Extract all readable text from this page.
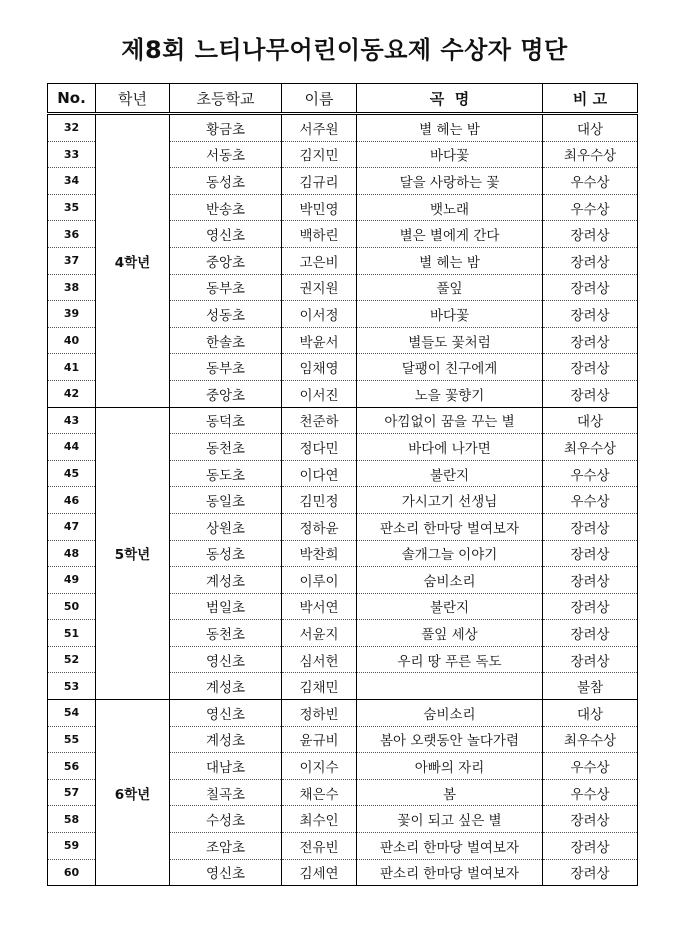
제8회 느티나무어린이동요제 수상자 명단
No.	학년	초등학교	이름	곡  명	비 고
32	4학년	황금초	서주원	별 헤는 밤	대상
33		서동초	김지민	바다꽃	최우수상
34		동성초	김규리	달을 사랑하는 꽃	우수상
35		반송초	박민영	뱃노래	우수상
36		영신초	백하린	별은 별에게 간다	장려상
37		중앙초	고은비	별 헤는 밤	장려상
38		동부초	권지원	풀잎	장려상
39		성동초	이서정	바다꽃	장려상
40		한솔초	박윤서	별들도 꽃처럼	장려상
41		동부초	임채영	달팽이 친구에게	장려상
42		중앙초	이서진	노을 꽃향기	장려상
43	5학년	동덕초	천준하	아낌없이 꿈을 꾸는 별	대상
44		동천초	정다민	바다에 나가면	최우수상
45		동도초	이다연	불란지	우수상
46		동일초	김민정	가시고기 선생님	우수상
47		상원초	정하윤	판소리 한마당 벌여보자	장려상
48		동성초	박찬희	솔개그늘 이야기	장려상
49		계성초	이루이	숨비소리	장려상
50		범일초	박서연	불란지	장려상
51		동천초	서윤지	풀잎 세상	장려상
52		영신초	심서헌	우리 땅 푸른 독도	장려상
53		계성초	김채민		불참
54	6학년	영신초	정하빈	숨비소리	대상
55		계성초	윤규비	봄아 오랫동안 놀다가렴	최우수상
56		대남초	이지수	아빠의 자리	우수상
57		칠곡초	채은수	봄	우수상
58		수성초	최수인	꽃이 되고 싶은 별	장려상
59		조암초	전유빈	판소리 한마당 벌여보자	장려상
60		영신초	김세연	판소리 한마당 벌여보자	장려상
